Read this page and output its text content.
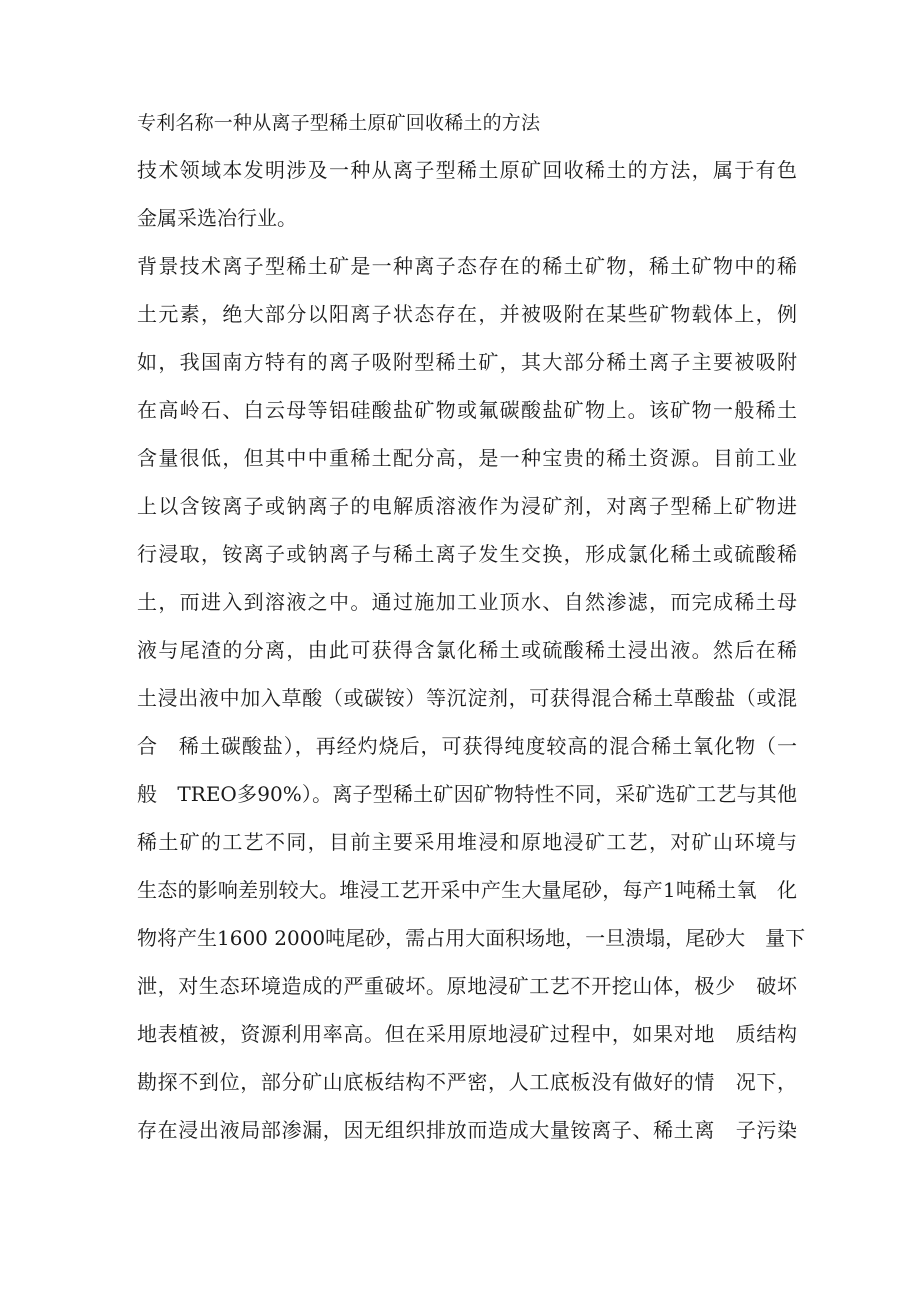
专利名称一种从离子型稀土原矿回收稀土的方法
技术领域本发明涉及一种从离子型稀土原矿回收稀土的方法，属于有色
金属采选冶行业。
背景技术离子型稀土矿是一种离子态存在的稀土矿物，稀土矿物中的稀
土元素，绝大部分以阳离子状态存在，并被吸附在某些矿物载体上，例
如，我国南方特有的离子吸附型稀土矿，其大部分稀土离子主要被吸附
在高岭石、白云母等铝硅酸盐矿物或氟碳酸盐矿物上。该矿物一般稀土
含量很低，但其中中重稀土配分高，是一种宝贵的稀土资源。目前工业
上以含铵离子或钠离子的电解质溶液作为浸矿剂，对离子型稀上矿物进
行浸取，铵离子或钠离子与稀土离子发生交换，形成氯化稀土或硫酸稀
土，而进入到溶液之中。通过施加工业顶水、自然渗滤，而完成稀土母
液与尾渣的分离，由此可获得含氯化稀土或硫酸稀土浸出液。然后在稀
土浸出液中加入草酸（或碳铵）等沉淀剂，可获得混合稀土草酸盐（或混
合　稀土碳酸盐），再经灼烧后，可获得纯度较高的混合稀土氧化物（一
般　TREO多90%）。离子型稀土矿因矿物特性不同，采矿选矿工艺与其他
稀土矿的工艺不同，目前主要采用堆浸和原地浸矿工艺，对矿山环境与
生态的影响差别较大。堆浸工艺开采中产生大量尾砂，每产1吨稀土氧　化
物将产生1600 2000吨尾砂，需占用大面积场地，一旦溃塌，尾砂大　量下
泄，对生态环境造成的严重破坏。原地浸矿工艺不开挖山体，极少　破坏
地表植被，资源利用率高。但在采用原地浸矿过程中，如果对地　质结构
勘探不到位，部分矿山底板结构不严密，人工底板没有做好的情　况下，
存在浸出液局部渗漏，因无组织排放而造成大量铵离子、稀土离　子污染
